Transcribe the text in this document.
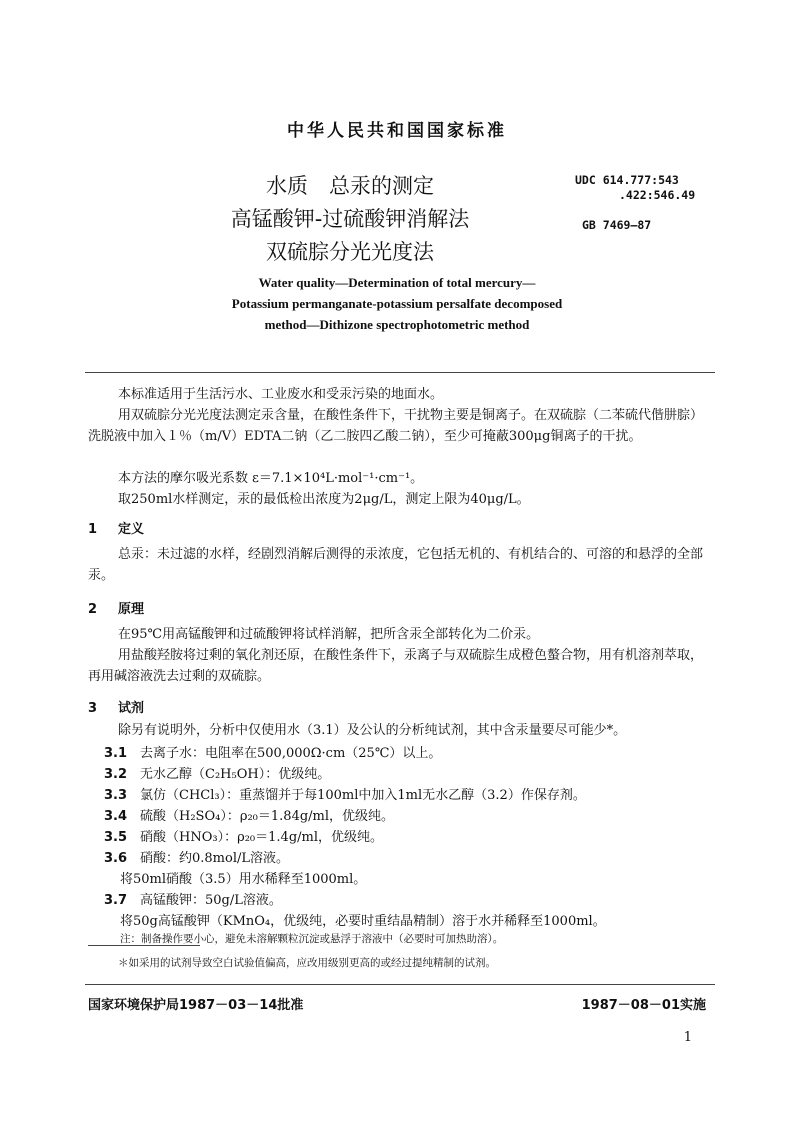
中华人民共和国国家标准
水质　总汞的测定
高锰酸钾-过硫酸钾消解法
双硫腙分光光度法
UDC 614.777:543
.422:546.49
GB 7469—87
Water quality—Determination of total mercury—
Potassium permanganate-potassium persalfate decomposed
method—Dithizone spectrophotometric method

本标准适用于生活污水、工业废水和受汞污染的地面水。

用双硫腙分光光度法测定汞含量，在酸性条件下，干扰物主要是铜离子。在双硫腙（二苯硫代偕肼腙）洗脱液中加入１％（m/V）EDTA二钠（乙二胺四乙酸二钠），至少可掩蔽300μg铜离子的干扰。

本方法的摩尔吸光系数 ε＝7.1×10⁴L·mol⁻¹·cm⁻¹。

取250ml水样测定，汞的最低检出浓度为2μg/L，测定上限为40μg/L。

1 定义

总汞：未过滤的水样，经剧烈消解后测得的汞浓度，它包括无机的、有机结合的、可溶的和悬浮的全部汞。

2 原理

在95℃用高锰酸钾和过硫酸钾将试样消解，把所含汞全部转化为二价汞。

用盐酸羟胺将过剩的氧化剂还原，在酸性条件下，汞离子与双硫腙生成橙色螯合物，用有机溶剂萃取，再用碱溶液洗去过剩的双硫腙。

3 试剂

除另有说明外，分析中仅使用水（3.1）及公认的分析纯试剂，其中含汞量要尽可能少*。

3.1 去离子水：电阻率在500,000Ω·cm（25℃）以上。
3.2 无水乙醇（C₂H₅OH）：优级纯。
3.3 氯仿（CHCl₃）：重蒸馏并于每100ml中加入1ml无水乙醇（3.2）作保存剂。
3.4 硫酸（H₂SO₄）：ρ₂₀＝1.84g/ml，优级纯。
3.5 硝酸（HNO₃）：ρ₂₀＝1.4g/ml，优级纯。
3.6 硝酸：约0.8mol/L溶液。
将50ml硝酸（3.5）用水稀释至1000ml。
3.7 高锰酸钾：50g/L溶液。
将50g高锰酸钾（KMnO₄，优级纯，必要时重结晶精制）溶于水并稀释至1000ml。
注：制备操作要小心，避免未溶解颗粒沉淀或悬浮于溶液中（必要时可加热助溶）。
＊如采用的试剂导致空白试验值偏高，应改用级别更高的或经过提纯精制的试剂。
国家环境保护局1987－03－14批准	1987－08－01实施
1
